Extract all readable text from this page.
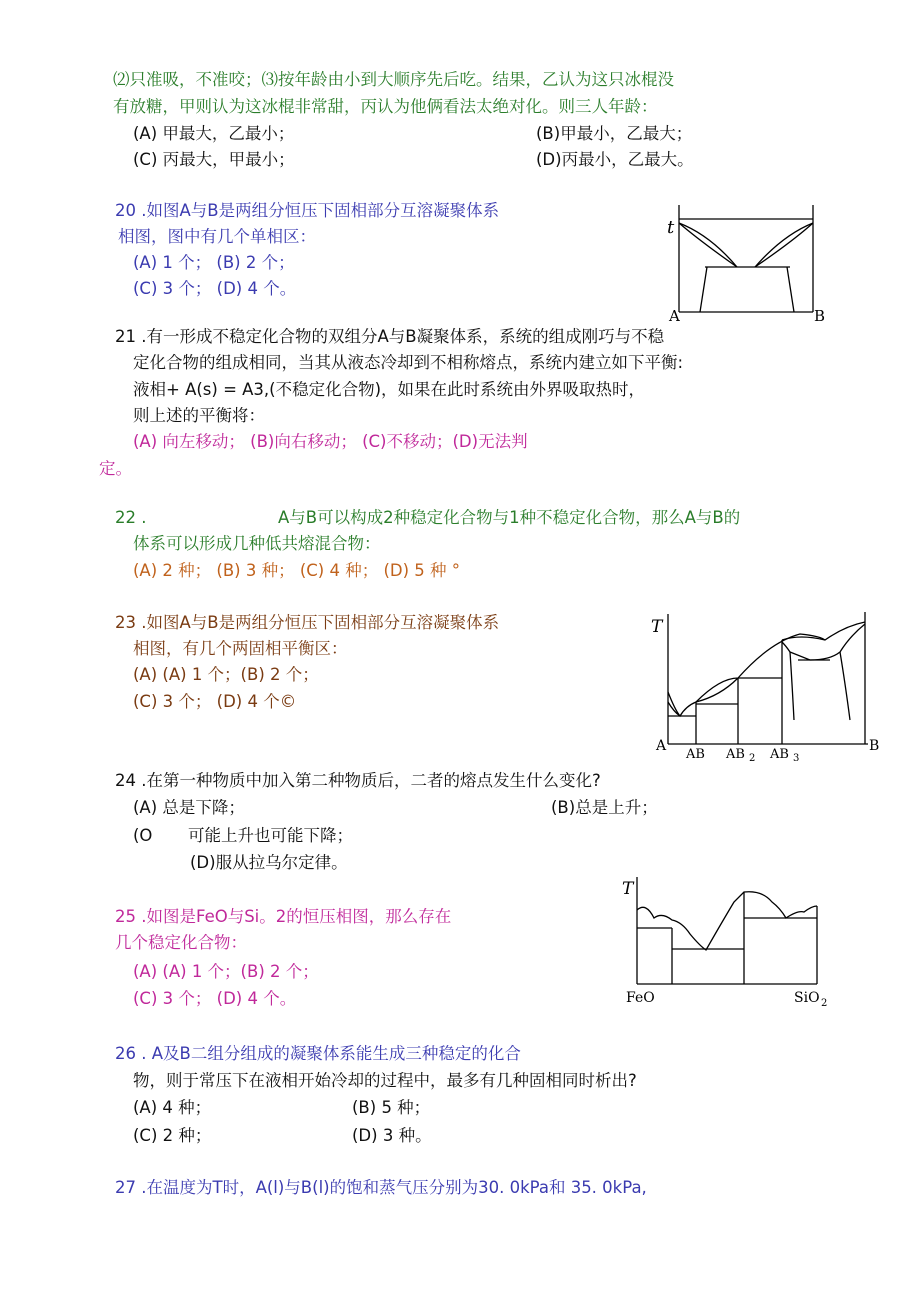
⑵只准吸，不准咬；⑶按年龄由小到大顺序先后吃。结果，乙认为这只冰棍没
有放糖，甲则认为这冰棍非常甜，丙认为他俩看法太绝对化。则三人年龄：
(A) 甲最大，乙最小；	(B)甲最小，乙最大；
(C) 丙最大，甲最小；	(D)丙最小，乙最大。
20 .如图A与B是两组分恒压下固相部分互溶凝聚体系
相图，图中有几个单相区：
(A) 1 个； (B) 2 个；
(C) 3 个； (D) 4 个。
t
A	B
21 .有一形成不稳定化合物的双组分A与B凝聚体系，系统的组成刚巧与不稳
定化合物的组成相同，当其从液态冷却到不相称熔点，系统内建立如下平衡:
液相+ A(s) = A3,(不稳定化合物)，如果在此时系统由外界吸取热时，
则上述的平衡将：
(A) 向左移动； (B)向右移动； (C)不移动；(D)无法判
定。
22 .	A与B可以构成2种稳定化合物与1种不稳定化合物，那么A与B的
体系可以形成几种低共熔混合物：
(A) 2 种； (B) 3 种； (C) 4 种； (D) 5 种 °
23 .如图A与B是两组分恒压下固相部分互溶凝聚体系
相图，有几个两固相平衡区：
(A) (A) 1 个；(B) 2 个；
(C) 3 个； (D) 4 个©
T
A
AB AB 2 AB 3
B
24 .在第一种物质中加入第二种物质后，二者的熔点发生什么变化?
(A) 总是下降；	(B)总是上升；
(O 可能上升也可能下降；
(D)服从拉乌尔定律。
25 .如图是FeO与Si。2的恒压相图，那么存在
几个稳定化合物：
(A) (A) 1 个；(B) 2 个；
(C) 3 个； (D) 4 个。
T
FeO	SiO 2
26 . A及B二组分组成的凝聚体系能生成三种稳定的化合
物，则于常压下在液相开始冷却的过程中，最多有几种固相同时析出?
(A) 4 种；	(B) 5 种；
(C) 2 种；	(D) 3 种。
27 .在温度为T时，A(l)与B(l)的饱和蒸气压分别为30. 0kPa和 35. 0kPa,
